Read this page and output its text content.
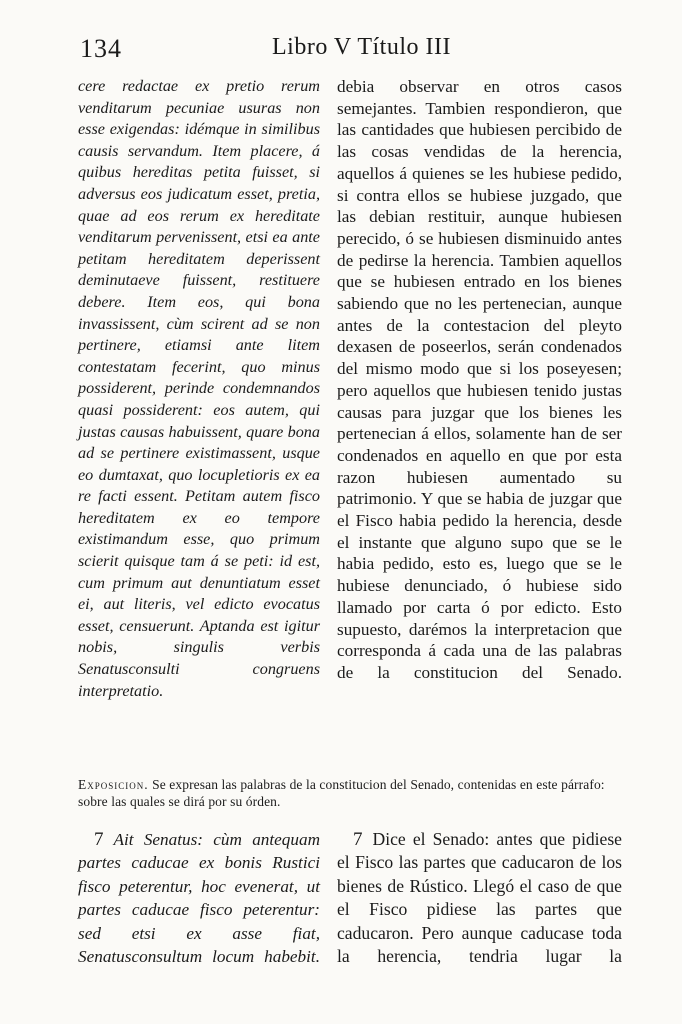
134	Libro V Título III

cere redactae ex pretio rerum venditarum pecuniae usuras non esse exigendas: idémque in similibus causis servandum. Item placere, á quibus hereditas petita fuisset, si adversus eos judicatum esset, pretia, quae ad eos rerum ex hereditate venditarum pervenissent, etsi ea ante petitam hereditatem deperissent deminutaeve fuissent, restituere debere. Item eos, qui bona invassissent, cùm scirent ad se non pertinere, etiamsi ante litem contestatam fecerint, quo minus possiderent, perinde condemnandos quasi possiderent: eos autem, qui justas causas habuissent, quare bona ad se pertinere existimassent, usque eo dumtaxat, quo locupletioris ex ea re facti essent. Petitam autem fisco hereditatem ex eo tempore existimandum esse, quo primum scierit quisque tam á se peti: id est, cum primum aut denuntiatum esset ei, aut literis, vel edicto evocatus esset, censuerunt. Aptanda est igitur nobis, singulis verbis Senatusconsulti congruens interpretatio.

debia observar en otros casos semejantes. Tambien respondieron, que las cantidades que hubiesen percibido de las cosas vendidas de la herencia, aquellos á quienes se les hubiese pedido, si contra ellos se hubiese juzgado, que las debian restituir, aunque hubiesen perecido, ó se hubiesen disminuido antes de pedirse la herencia. Tambien aquellos que se hubiesen entrado en los bienes sabiendo que no les pertenecian, aunque antes de la contestacion del pleyto dexasen de poseerlos, serán condenados del mismo modo que si los poseyesen; pero aquellos que hubiesen tenido justas causas para juzgar que los bienes les pertenecian á ellos, solamente han de ser condenados en aquello en que por esta razon hubiesen aumentado su patrimonio. Y que se habia de juzgar que el Fisco habia pedido la herencia, desde el instante que alguno supo que se le habia pedido, esto es, luego que se le hubiese denunciado, ó hubiese sido llamado por carta ó por edicto. Esto supuesto, darémos la interpretacion que corresponda á cada una de las palabras de la constitucion del Senado.

Exposicion. Se expresan las palabras de la constitucion del Senado, contenidas en este párrafo: sobre las quales se dirá por su órden.

7 Ait Senatus: cùm antequam partes caducae ex bonis Rustici fisco peterentur, hoc evenerat, ut partes caducae fisco peterentur: sed etsi ex asse fiat, Senatusconsultum locum habebit.

7 Dice el Senado: antes que pidiese el Fisco las partes que caducaron de los bienes de Rústico. Llegó el caso de que el Fisco pidiese las partes que caducaron. Pero aunque caducase toda la herencia, tendria lugar la
